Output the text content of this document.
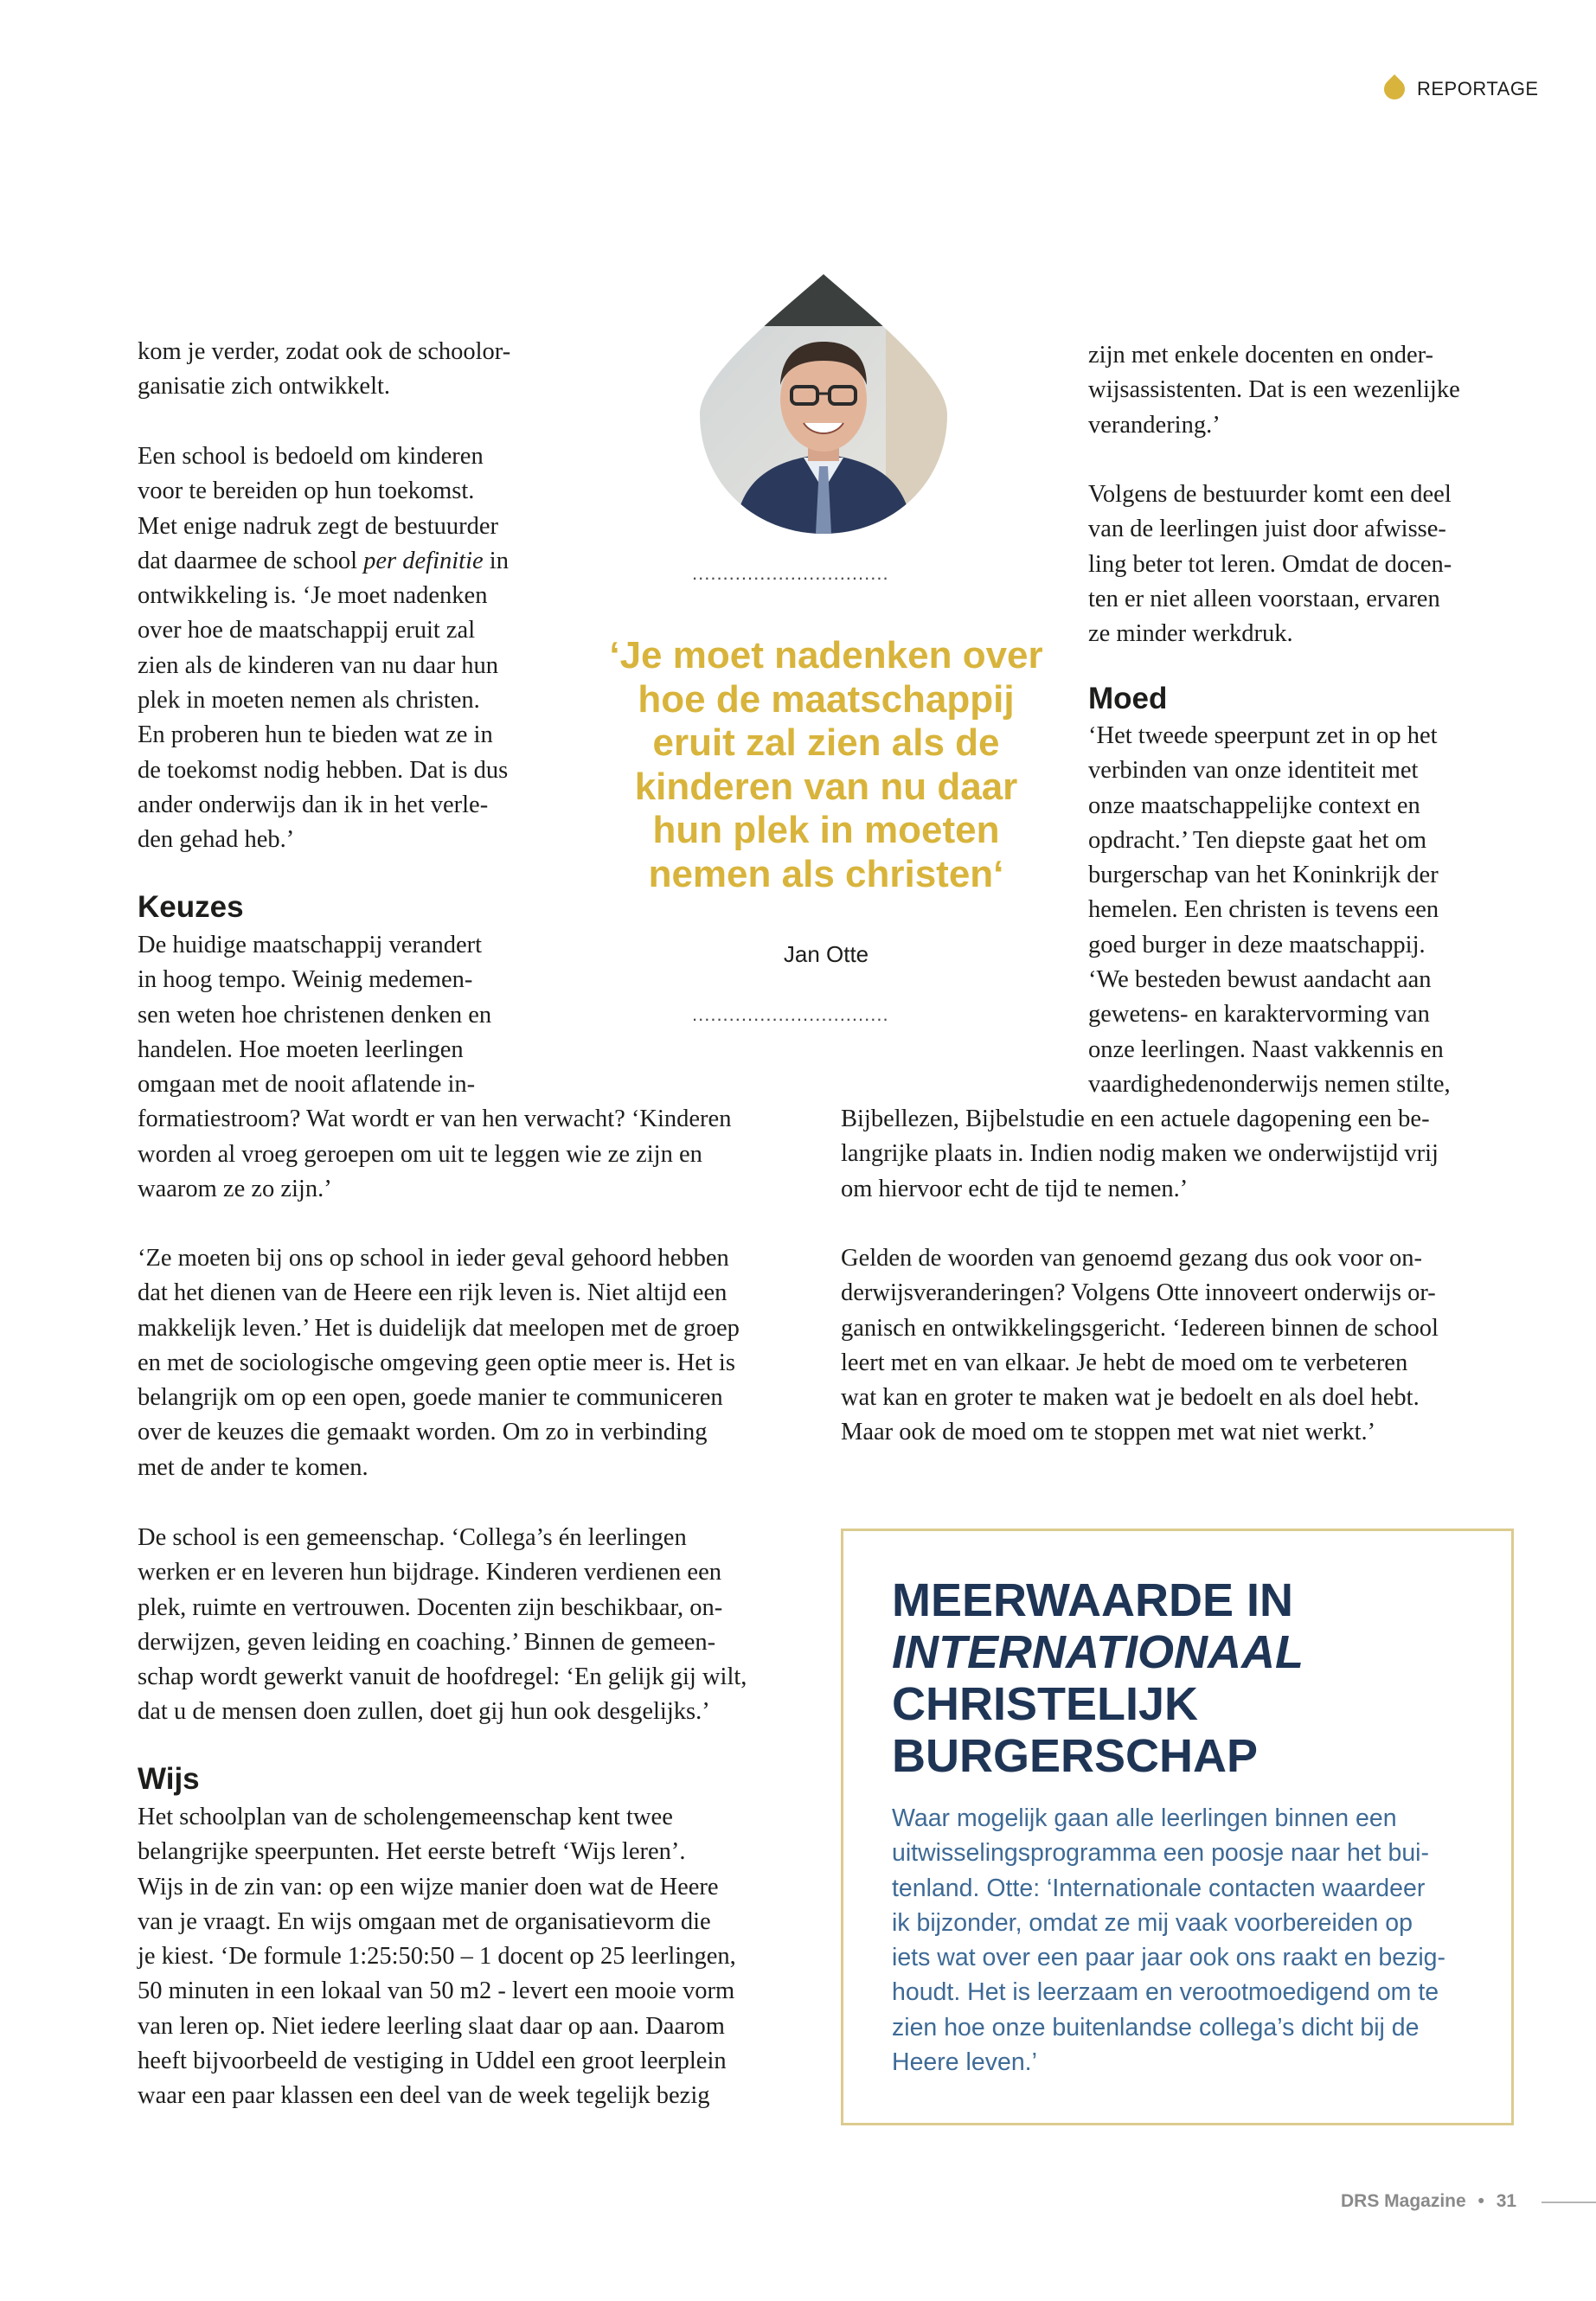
REPORTAGE

kom je verder, zodat ook de schoolor-

ganisatie zich ontwikkelt.

Een school is bedoeld om kinderen

voor te bereiden op hun toekomst.

Met enige nadruk zegt de bestuurder

dat daarmee de school per definitie in

ontwikkeling is. ‘Je moet nadenken

over hoe de maatschappij eruit zal

zien als de kinderen van nu daar hun

plek in moeten nemen als christen.

En proberen hun te bieden wat ze in

de toekomst nodig hebben. Dat is dus

ander onderwijs dan ik in het verle-

den gehad heb.’

Keuzes

De huidige maatschappij verandert

in hoog tempo. Weinig medemen-

sen weten hoe christenen denken en

handelen. Hoe moeten leerlingen

omgaan met de nooit aflatende in-

formatiestroom? Wat wordt er van hen verwacht? ‘Kinderen

worden al vroeg geroepen om uit te leggen wie ze zijn en

waarom ze zo zijn.’

‘Ze moeten bij ons op school in ieder geval gehoord hebben

dat het dienen van de Heere een rijk leven is. Niet altijd een

makkelijk leven.’ Het is duidelijk dat meelopen met de groep

en met de sociologische omgeving geen optie meer is. Het is

belangrijk om op een open, goede manier te communiceren

over de keuzes die gemaakt worden. Om zo in verbinding

met de ander te komen.

De school is een gemeenschap. ‘Collega’s én leerlingen

werken er en leveren hun bijdrage. Kinderen verdienen een

plek, ruimte en vertrouwen. Docenten zijn beschikbaar, on-

derwijzen, geven leiding en coaching.’ Binnen de gemeen-

schap wordt gewerkt vanuit de hoofdregel: ‘En gelijk gij wilt,

dat u de mensen doen zullen, doet gij hun ook desgelijks.’

Wijs

Het schoolplan van de scholengemeenschap kent twee

belangrijke speerpunten. Het eerste betreft ‘Wijs leren’.

Wijs in de zin van: op een wijze manier doen wat de Heere

van je vraagt. En wijs omgaan met de organisatievorm die

je kiest. ‘De formule 1:25:50:50 – 1 docent op 25 leerlingen,

50 minuten in een lokaal van 50 m2 - levert een mooie vorm

van leren op. Niet iedere leerling slaat daar op aan. Daarom

heeft bijvoorbeeld de vestiging in Uddel een groot leerplein

waar een paar klassen een deel van de week tegelijk bezig

................................

‘Je moet nadenken over

hoe de maatschappij

eruit zal zien als de

kinderen van nu daar

hun plek in moeten

nemen als christen‘

Jan Otte
................................

zijn met enkele docenten en onder-

wijsassistenten. Dat is een wezenlijke

verandering.’

Volgens de bestuurder komt een deel

van de leerlingen juist door afwisse-

ling beter tot leren. Omdat de docen-

ten er niet alleen voorstaan, ervaren

ze minder werkdruk.

Moed

‘Het tweede speerpunt zet in op het

verbinden van onze identiteit met

onze maatschappelijke context en

opdracht.’ Ten diepste gaat het om

burgerschap van het Koninkrijk der

hemelen. Een christen is tevens een

goed burger in deze maatschappij.

‘We besteden bewust aandacht aan

gewetens- en karaktervorming van

onze leerlingen. Naast vakkennis en

vaardighedenonderwijs nemen stilte,

Bijbellezen, Bijbelstudie en een actuele dagopening een be-

langrijke plaats in. Indien nodig maken we onderwijstijd vrij

om hiervoor echt de tijd te nemen.’

Gelden de woorden van genoemd gezang dus ook voor on-

derwijsveranderingen? Volgens Otte innoveert onderwijs or-

ganisch en ontwikkelingsgericht. ‘Iedereen binnen de school

leert met en van elkaar. Je hebt de moed om te verbeteren

wat kan en groter te maken wat je bedoelt en als doel hebt.

Maar ook de moed om te stoppen met wat niet werkt.’

MEERWAARDE IN

INTERNATIONAAL

CHRISTELIJK

BURGERSCHAP

Waar mogelijk gaan alle leerlingen binnen een

uitwisselingsprogramma een poosje naar het bui-

tenland. Otte: ‘Internationale contacten waardeer

ik bijzonder, omdat ze mij vaak voorbereiden op

iets wat over een paar jaar ook ons raakt en bezig-

houdt. Het is leerzaam en verootmoedigend om te

zien hoe onze buitenlandse collega’s dicht bij de

Heere leven.’

DRS Magazine • 31
